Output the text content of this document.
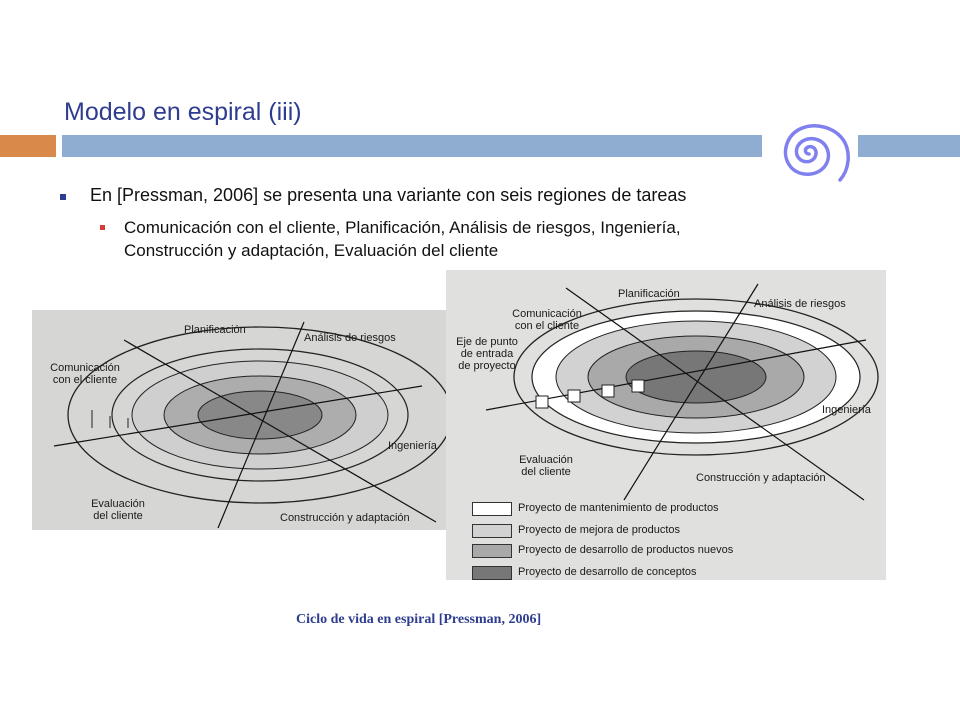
Modelo en espiral (iii)
En [Pressman, 2006] se presenta una variante con seis regiones de tareas
Comunicación con el cliente, Planificación, Análisis de riesgos, Ingeniería, Construcción y adaptación, Evaluación del cliente
Planificación
Análisis de riesgos
Comunicación
con el cliente
Ingeniería
Evaluación
del cliente	Construcción y adaptación
Planificación
Análisis de riesgos
Comunicación
con el cliente
Eje de punto
de entrada
de proyecto
Ingeniería
Evaluación
del cliente	Construcción y adaptación
Proyecto de mantenimiento de productos
Proyecto de mejora de productos
Proyecto de desarrollo de productos nuevos
Proyecto de desarrollo de conceptos
Ciclo de vida en espiral [Pressman, 2006]
